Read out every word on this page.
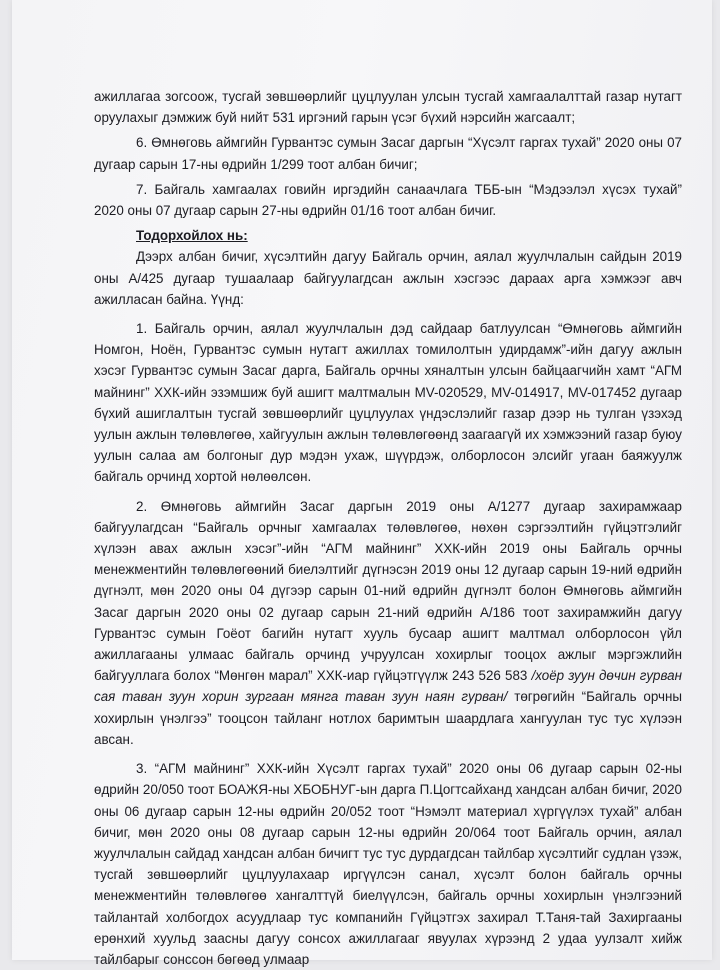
ажиллагаа зогсоож, тусгай зөвшөөрлийг цуцлуулан улсын тусгай хамгаалалттай газар нутагт оруулахыг дэмжиж буй нийт 531 иргэний гарын үсэг бүхий нэрсийн жагсаалт;

6. Өмнөговь аймгийн Гурвантэс сумын Засаг даргын “Хүсэлт гаргах тухай” 2020 оны 07 дугаар сарын 17-ны өдрийн 1/299 тоот албан бичиг;

7. Байгаль хамгаалах говийн иргэдийн санаачлага ТББ-ын “Мэдээлэл хүсэх тухай” 2020 оны 07 дугаар сарын 27-ны өдрийн 01/16 тоот албан бичиг.

Тодорхойлох нь:

Дээрх албан бичиг, хүсэлтийн дагуу Байгаль орчин, аялал жуулчлалын сайдын 2019 оны А/425 дугаар тушаалаар байгуулагдсан ажлын хэсгээс дараах арга хэмжээг авч ажилласан байна. Үүнд:

1. Байгаль орчин, аялал жуулчлалын дэд сайдаар батлуулсан “Өмнөговь аймгийн Номгон, Ноён, Гурвантэс сумын нутагт ажиллах томилолтын удирдамж”-ийн дагуу ажлын хэсэг Гурвантэс сумын Засаг дарга, Байгаль орчны хяналтын улсын байцаагчийн хамт “АГМ майнинг” ХХК-ийн эзэмшиж буй ашигт малтмалын MV-020529, MV-014917, MV-017452 дугаар бүхий ашиглалтын тусгай зөвшөөрлийг цуцлуулах үндэслэлийг газар дээр нь тулган үзэхэд уулын ажлын төлөвлөгөө, хайгуулын ажлын төлөвлөгөөнд заагаагүй их хэмжээний газар буюу уулын салаа ам болгоныг дур мэдэн ухаж, шүүрдэж, олборлосон элсийг угаан баяжуулж байгаль орчинд хортой нөлөөлсөн.

2. Өмнөговь аймгийн Засаг даргын 2019 оны А/1277 дугаар захирамжаар байгуулагдсан “Байгаль орчныг хамгаалах төлөвлөгөө, нөхөн сэргээлтийн гүйцэтгэлийг хүлээн авах ажлын хэсэг”-ийн “АГМ майнинг” ХХК-ийн 2019 оны Байгаль орчны менежментийн төлөвлөгөөний биелэлтийг дүгнэсэн 2019 оны 12 дугаар сарын 19-ний өдрийн дүгнэлт, мөн 2020 оны 04 дүгээр сарын 01-ний өдрийн дүгнэлт болон Өмнөговь аймгийн Засаг даргын 2020 оны 02 дугаар сарын 21-ний өдрийн А/186 тоот захирамжийн дагуу Гурвантэс сумын Гоёот багийн нутагт хууль бусаар ашигт малтмал олборлосон үйл ажиллагааны улмаас байгаль орчинд учруулсан хохирлыг тооцох ажлыг мэргэжлийн байгууллага болох “Мөнгөн марал” ХХК-иар гүйцэтгүүлж 243 526 583 /хоёр зуун дөчин гурван сая таван зуун хорин зургаан мянга таван зуун наян гурван/ төгрөгийн “Байгаль орчны хохирлын үнэлгээ” тооцсон тайланг нотлох баримтын шаардлага хангуулан тус тус хүлээн авсан.

3. “АГМ майнинг” ХХК-ийн Хүсэлт гаргах тухай” 2020 оны 06 дугаар сарын 02-ны өдрийн 20/050 тоот БОАЖЯ-ны ХБОБНУГ-ын дарга П.Цогтсайханд хандсан албан бичиг, 2020 оны 06 дугаар сарын 12-ны өдрийн 20/052 тоот “Нэмэлт материал хүргүүлэх тухай” албан бичиг, мөн 2020 оны 08 дугаар сарын 12-ны өдрийн 20/064 тоот Байгаль орчин, аялал жуулчлалын сайдад хандсан албан бичигт тус тус дурдагдсан тайлбар хүсэлтийг судлан үзэж, тусгай зөвшөөрлийг цуцлуулахаар иргүүлсэн санал, хүсэлт болон байгаль орчны менежментийн төлөвлөгөө хангалттүй биелүүлсэн, байгаль орчны хохирлын үнэлгээний тайлантай холбогдох асуудлаар тус компанийн Гүйцэтгэх захирал Т.Таня-тай Захиргааны ерөнхий хуульд заасны дагуу сонсох ажиллагааг явуулах хүрээнд 2 удаа уулзалт хийж тайлбарыг сонссон бөгөөд улмаар
